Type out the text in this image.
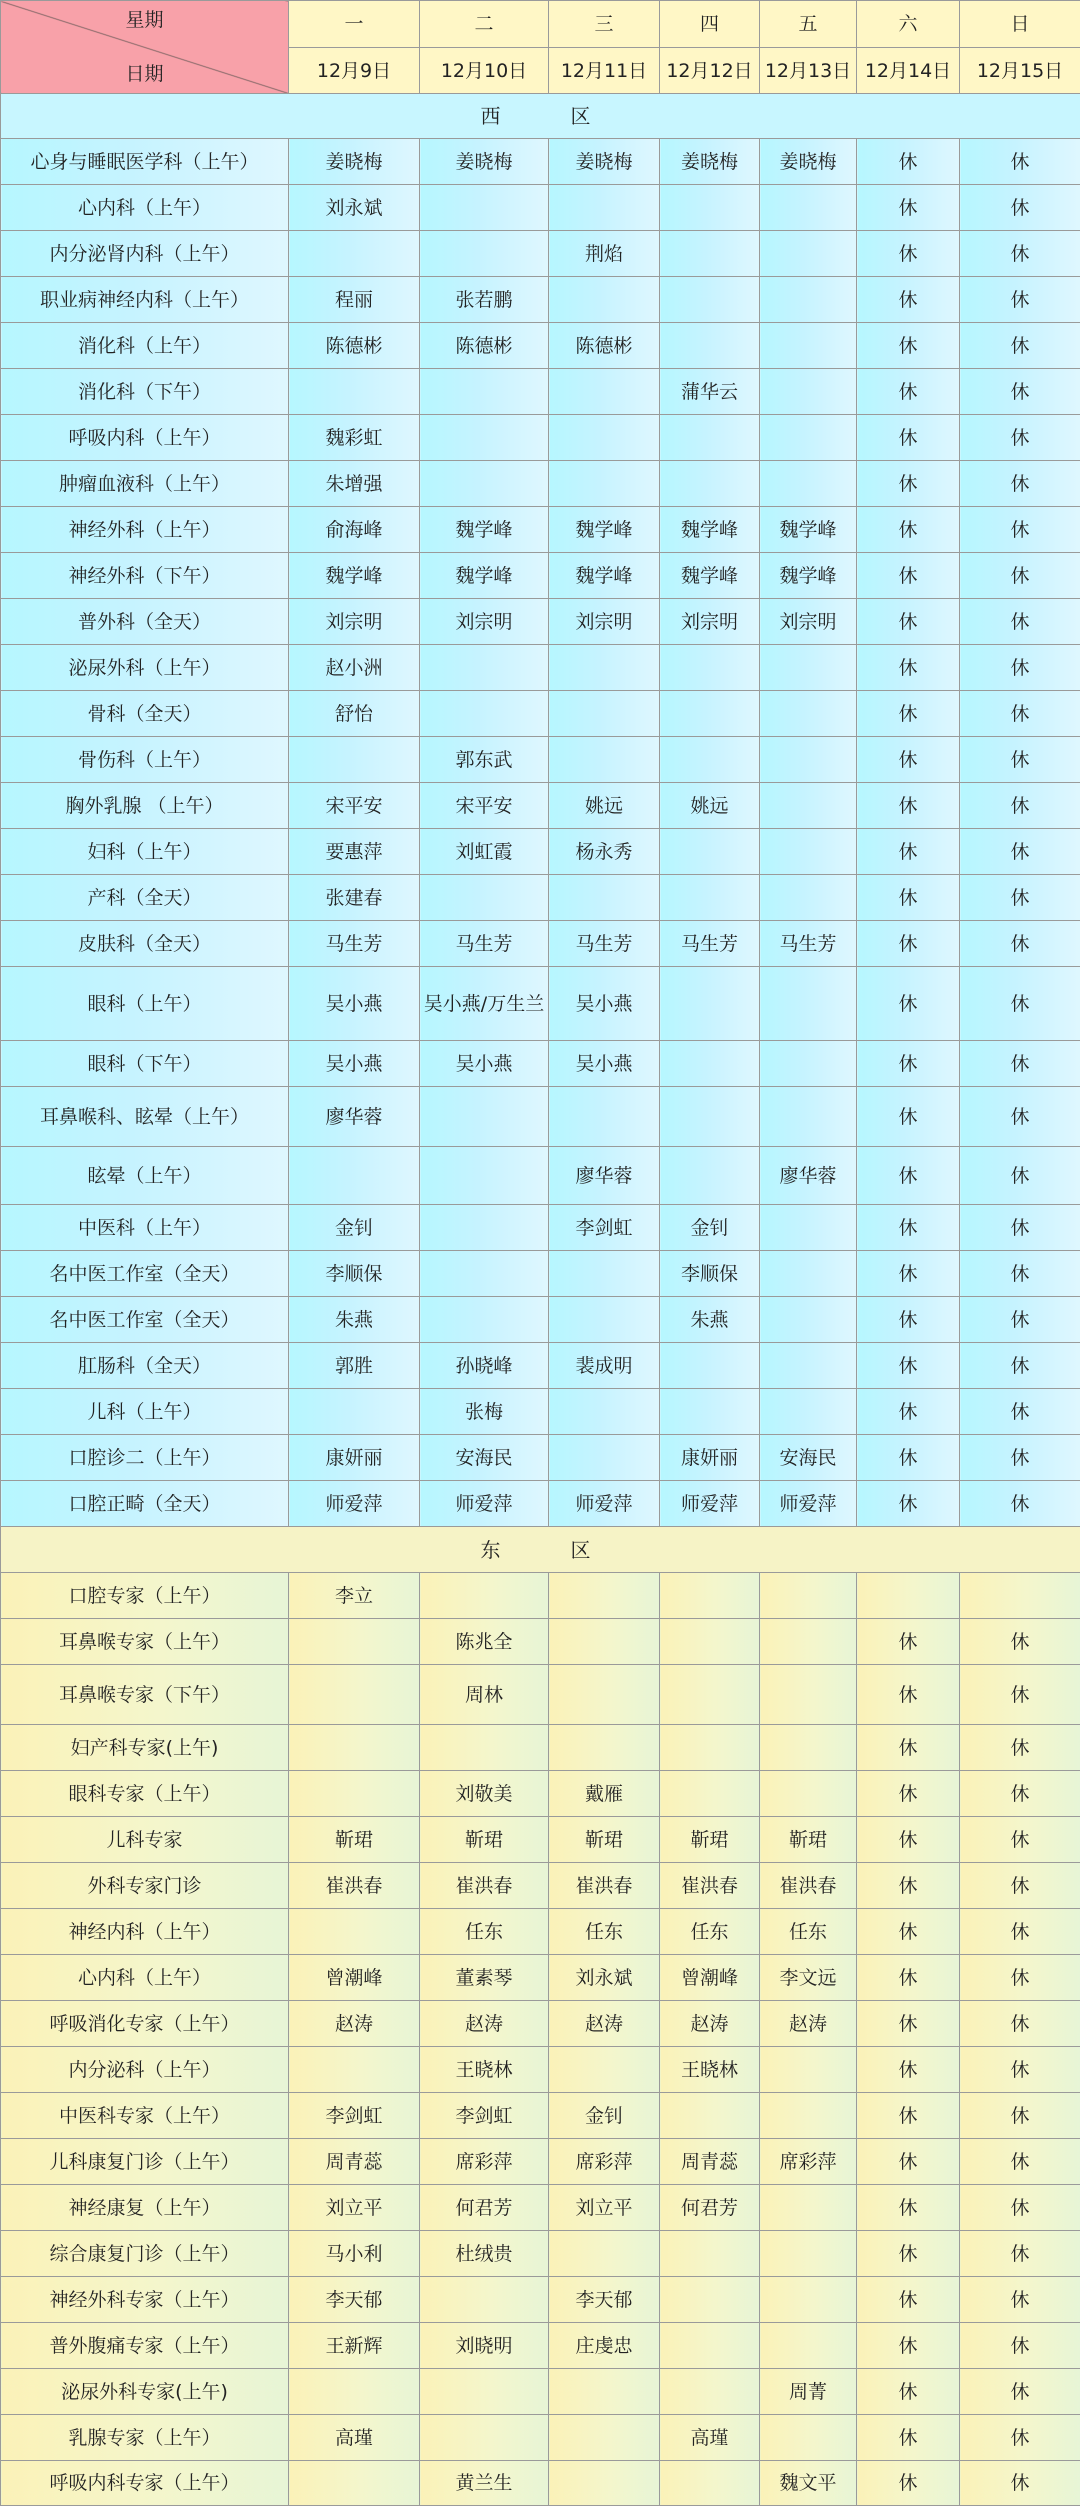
星期
日期	一	二	三	四	五	六	日
	12月9日	12月10日	12月11日	12月12日	12月13日	12月14日	12月15日
西　　区							
心身与睡眠医学科（上午）	姜晓梅	姜晓梅	姜晓梅	姜晓梅	姜晓梅	休	休
心内科（上午）	刘永斌					休	休
内分泌肾内科（上午）			荆焰			休	休
职业病神经内科（上午）	程丽	张若鹏				休	休
消化科（上午）	陈德彬	陈德彬	陈德彬			休	休
消化科（下午）				蒲华云		休	休
呼吸内科（上午）	魏彩虹					休	休
肿瘤血液科（上午）	朱增强					休	休
神经外科（上午）	俞海峰	魏学峰	魏学峰	魏学峰	魏学峰	休	休
神经外科（下午）	魏学峰	魏学峰	魏学峰	魏学峰	魏学峰	休	休
普外科（全天）	刘宗明	刘宗明	刘宗明	刘宗明	刘宗明	休	休
泌尿外科（上午）	赵小洲					休	休
骨科（全天）	舒怡					休	休
骨伤科（上午）		郭东武				休	休
胸外乳腺 （上午）	宋平安	宋平安	姚远	姚远		休	休
妇科（上午）	要惠萍	刘虹霞	杨永秀			休	休
产科（全天）	张建春					休	休
皮肤科（全天）	马生芳	马生芳	马生芳	马生芳	马生芳	休	休
眼科（上午）	吴小燕	吴小燕/万生兰	吴小燕			休	休
眼科（下午）	吴小燕	吴小燕	吴小燕			休	休
耳鼻喉科、眩晕（上午）	廖华蓉					休	休
眩晕（上午）			廖华蓉		廖华蓉	休	休
中医科（上午）	金钊		李剑虹	金钊		休	休
名中医工作室（全天）	李顺保			李顺保		休	休
名中医工作室（全天）	朱燕			朱燕		休	休
肛肠科（全天）	郭胜	孙晓峰	裴成明			休	休
儿科（上午）		张梅				休	休
口腔诊二（上午）	康妍丽	安海民		康妍丽	安海民	休	休
口腔正畸（全天）	师爱萍	师爱萍	师爱萍	师爱萍	师爱萍	休	休
东　　区							
口腔专家（上午）	李立						
耳鼻喉专家（上午）		陈兆全				休	休
耳鼻喉专家（下午）		周林				休	休
妇产科专家(上午)						休	休
眼科专家（上午）		刘敬美	戴雁			休	休
儿科专家	靳珺	靳珺	靳珺	靳珺	靳珺	休	休
外科专家门诊	崔洪春	崔洪春	崔洪春	崔洪春	崔洪春	休	休
神经内科（上午）		任东	任东	任东	任东	休	休
心内科（上午）	曾潮峰	董素琴	刘永斌	曾潮峰	李文远	休	休
呼吸消化专家（上午）	赵涛	赵涛	赵涛	赵涛	赵涛	休	休
内分泌科（上午）		王晓林		王晓林		休	休
中医科专家（上午）	李剑虹	李剑虹	金钊			休	休
儿科康复门诊（上午）	周青蕊	席彩萍	席彩萍	周青蕊	席彩萍	休	休
神经康复（上午）	刘立平	何君芳	刘立平	何君芳		休	休
综合康复门诊（上午）	马小利	杜绒贵				休	休
神经外科专家（上午）	李天郁		李天郁			休	休
普外腹痛专家（上午）	王新辉	刘晓明	庄虔忠			休	休
泌尿外科专家(上午)					周菁	休	休
乳腺专家（上午）	高瑾			高瑾		休	休
呼吸内科专家（上午）		黄兰生			魏文平	休	休
